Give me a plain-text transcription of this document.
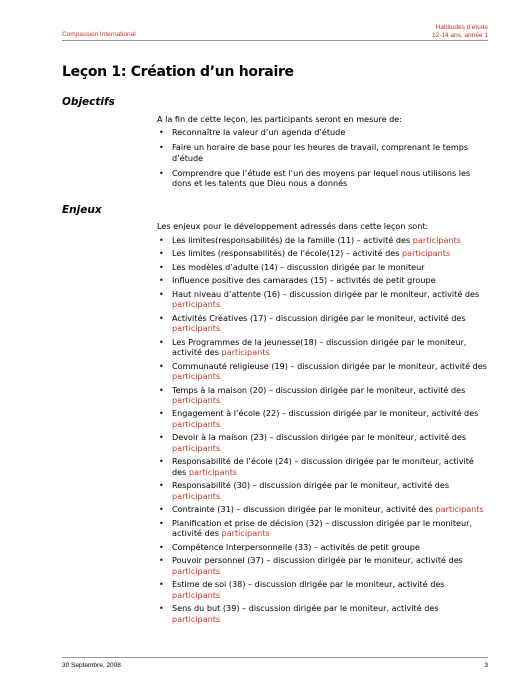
Compassion International
Habitudes d’étude
12-14 ans, année 1
Leçon 1: Création d’un horaire
Objectifs
A la fin de cette leçon, les participants seront en mesure de:
• Reconnaître la valeur d’un agenda d’étude
• Faire un horaire de base pour les heures de travail, comprenant le temps d’étude
• Comprendre que l’étude est l’un des moyens par lequel nous utilisons les dons et les talents que Dieu nous a donnés
Enjeux
Les enjeux pour le développement adressés dans cette leçon sont:
• Les limites(responsabilités) de la famille (11) – activité des participants
• Les limites (responsabilités) de l’école(12) – activité des participants
• Les modèles d’adulte (14) – discussion dirigée par le moniteur
• Influence positive des camarades (15) – activités de petit groupe
• Haut niveau d’attente (16) – discussion dirigée par le moniteur, activité des participants
• Activités Créatives (17) – discussion dirigée par le moniteur, activité des participants
• Les Programmes de la jeunesse(18) – discussion dirigée par le moniteur, activité des participants
• Communauté religieuse (19) – discussion dirigée par le moniteur, activité des participants
• Temps à la maison (20) – discussion dirigée par le moniteur, activité des participants
• Engagement à l’école (22) – discussion dirigée par le moniteur, activité des participants
• Devoir à la maison (23) – discussion dirigée par le moniteur, activité des participants
• Responsabilité de l’école (24) – discussion dirigée par le moniteur, activité des participants
• Responsabilité (30) – discussion dirigée par le moniteur, activité des participants
• Contrainte (31) – discussion dirigée par le moniteur, activité des participants
• Planification et prise de décision (32) – discussion dirigée par le moniteur, activité des participants
• Compétence Interpersonnelle (33) – activités de petit groupe
• Pouvoir personnel (37) – discussion dirigée par le moniteur, activité des participants
• Estime de soi (38) – discussion dirigée par le moniteur, activité des participants
• Sens du but (39) – discussion dirigée par le moniteur, activité des participants
30 Septembre, 2008	3
